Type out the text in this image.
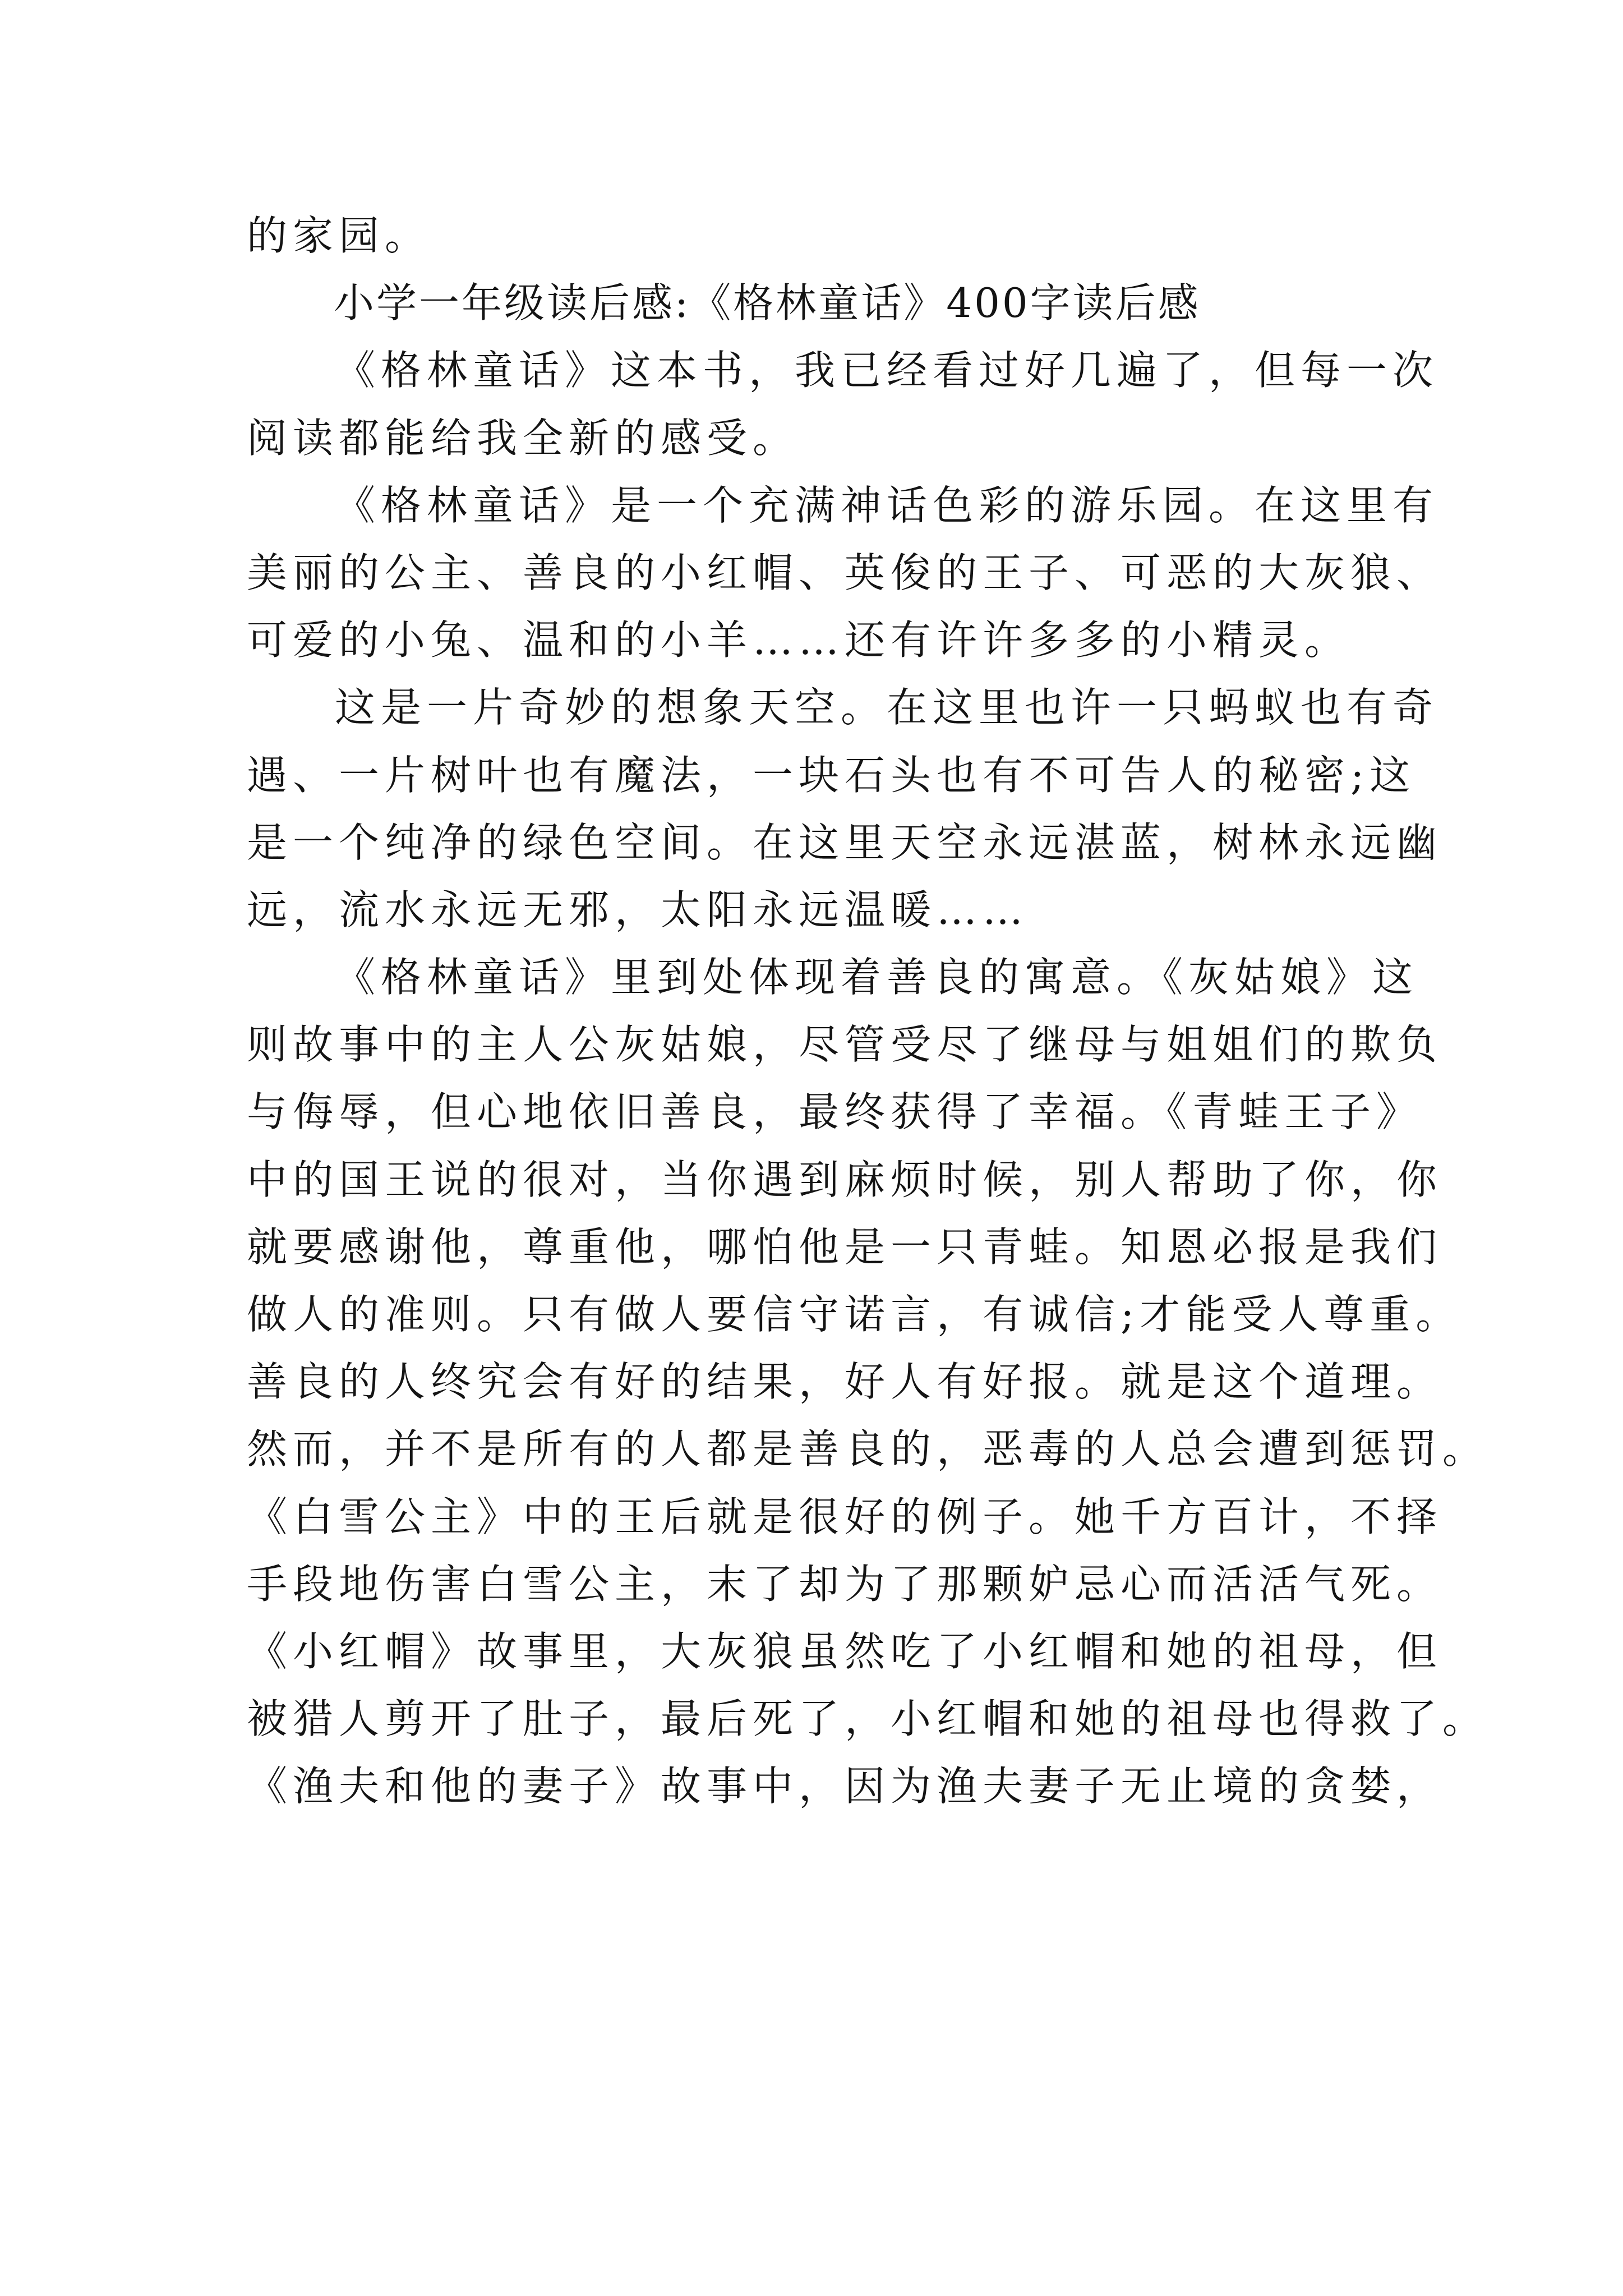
的家园。
小学一年级读后感:《格林童话》400字读后感
《格林童话》这本书，我已经看过好几遍了，但每一次
阅读都能给我全新的感受。
《格林童话》是一个充满神话色彩的游乐园。在这里有
美丽的公主、善良的小红帽、英俊的王子、可恶的大灰狼、
可爱的小兔、温和的小羊……还有许许多多的小精灵。
这是一片奇妙的想象天空。在这里也许一只蚂蚁也有奇
遇、一片树叶也有魔法，一块石头也有不可告人的秘密;这
是一个纯净的绿色空间。在这里天空永远湛蓝，树林永远幽
远，流水永远无邪，太阳永远温暖……
《格林童话》里到处体现着善良的寓意。《灰姑娘》这
则故事中的主人公灰姑娘，尽管受尽了继母与姐姐们的欺负
与侮辱，但心地依旧善良，最终获得了幸福。《青蛙王子》
中的国王说的很对，当你遇到麻烦时候，别人帮助了你，你
就要感谢他，尊重他，哪怕他是一只青蛙。知恩必报是我们
做人的准则。只有做人要信守诺言，有诚信;才能受人尊重。
善良的人终究会有好的结果，好人有好报。就是这个道理。
然而，并不是所有的人都是善良的，恶毒的人总会遭到惩罚。
《白雪公主》中的王后就是很好的例子。她千方百计，不择
手段地伤害白雪公主，末了却为了那颗妒忌心而活活气死。
《小红帽》故事里，大灰狼虽然吃了小红帽和她的祖母，但
被猎人剪开了肚子，最后死了，小红帽和她的祖母也得救了。
《渔夫和他的妻子》故事中，因为渔夫妻子无止境的贪婪，
